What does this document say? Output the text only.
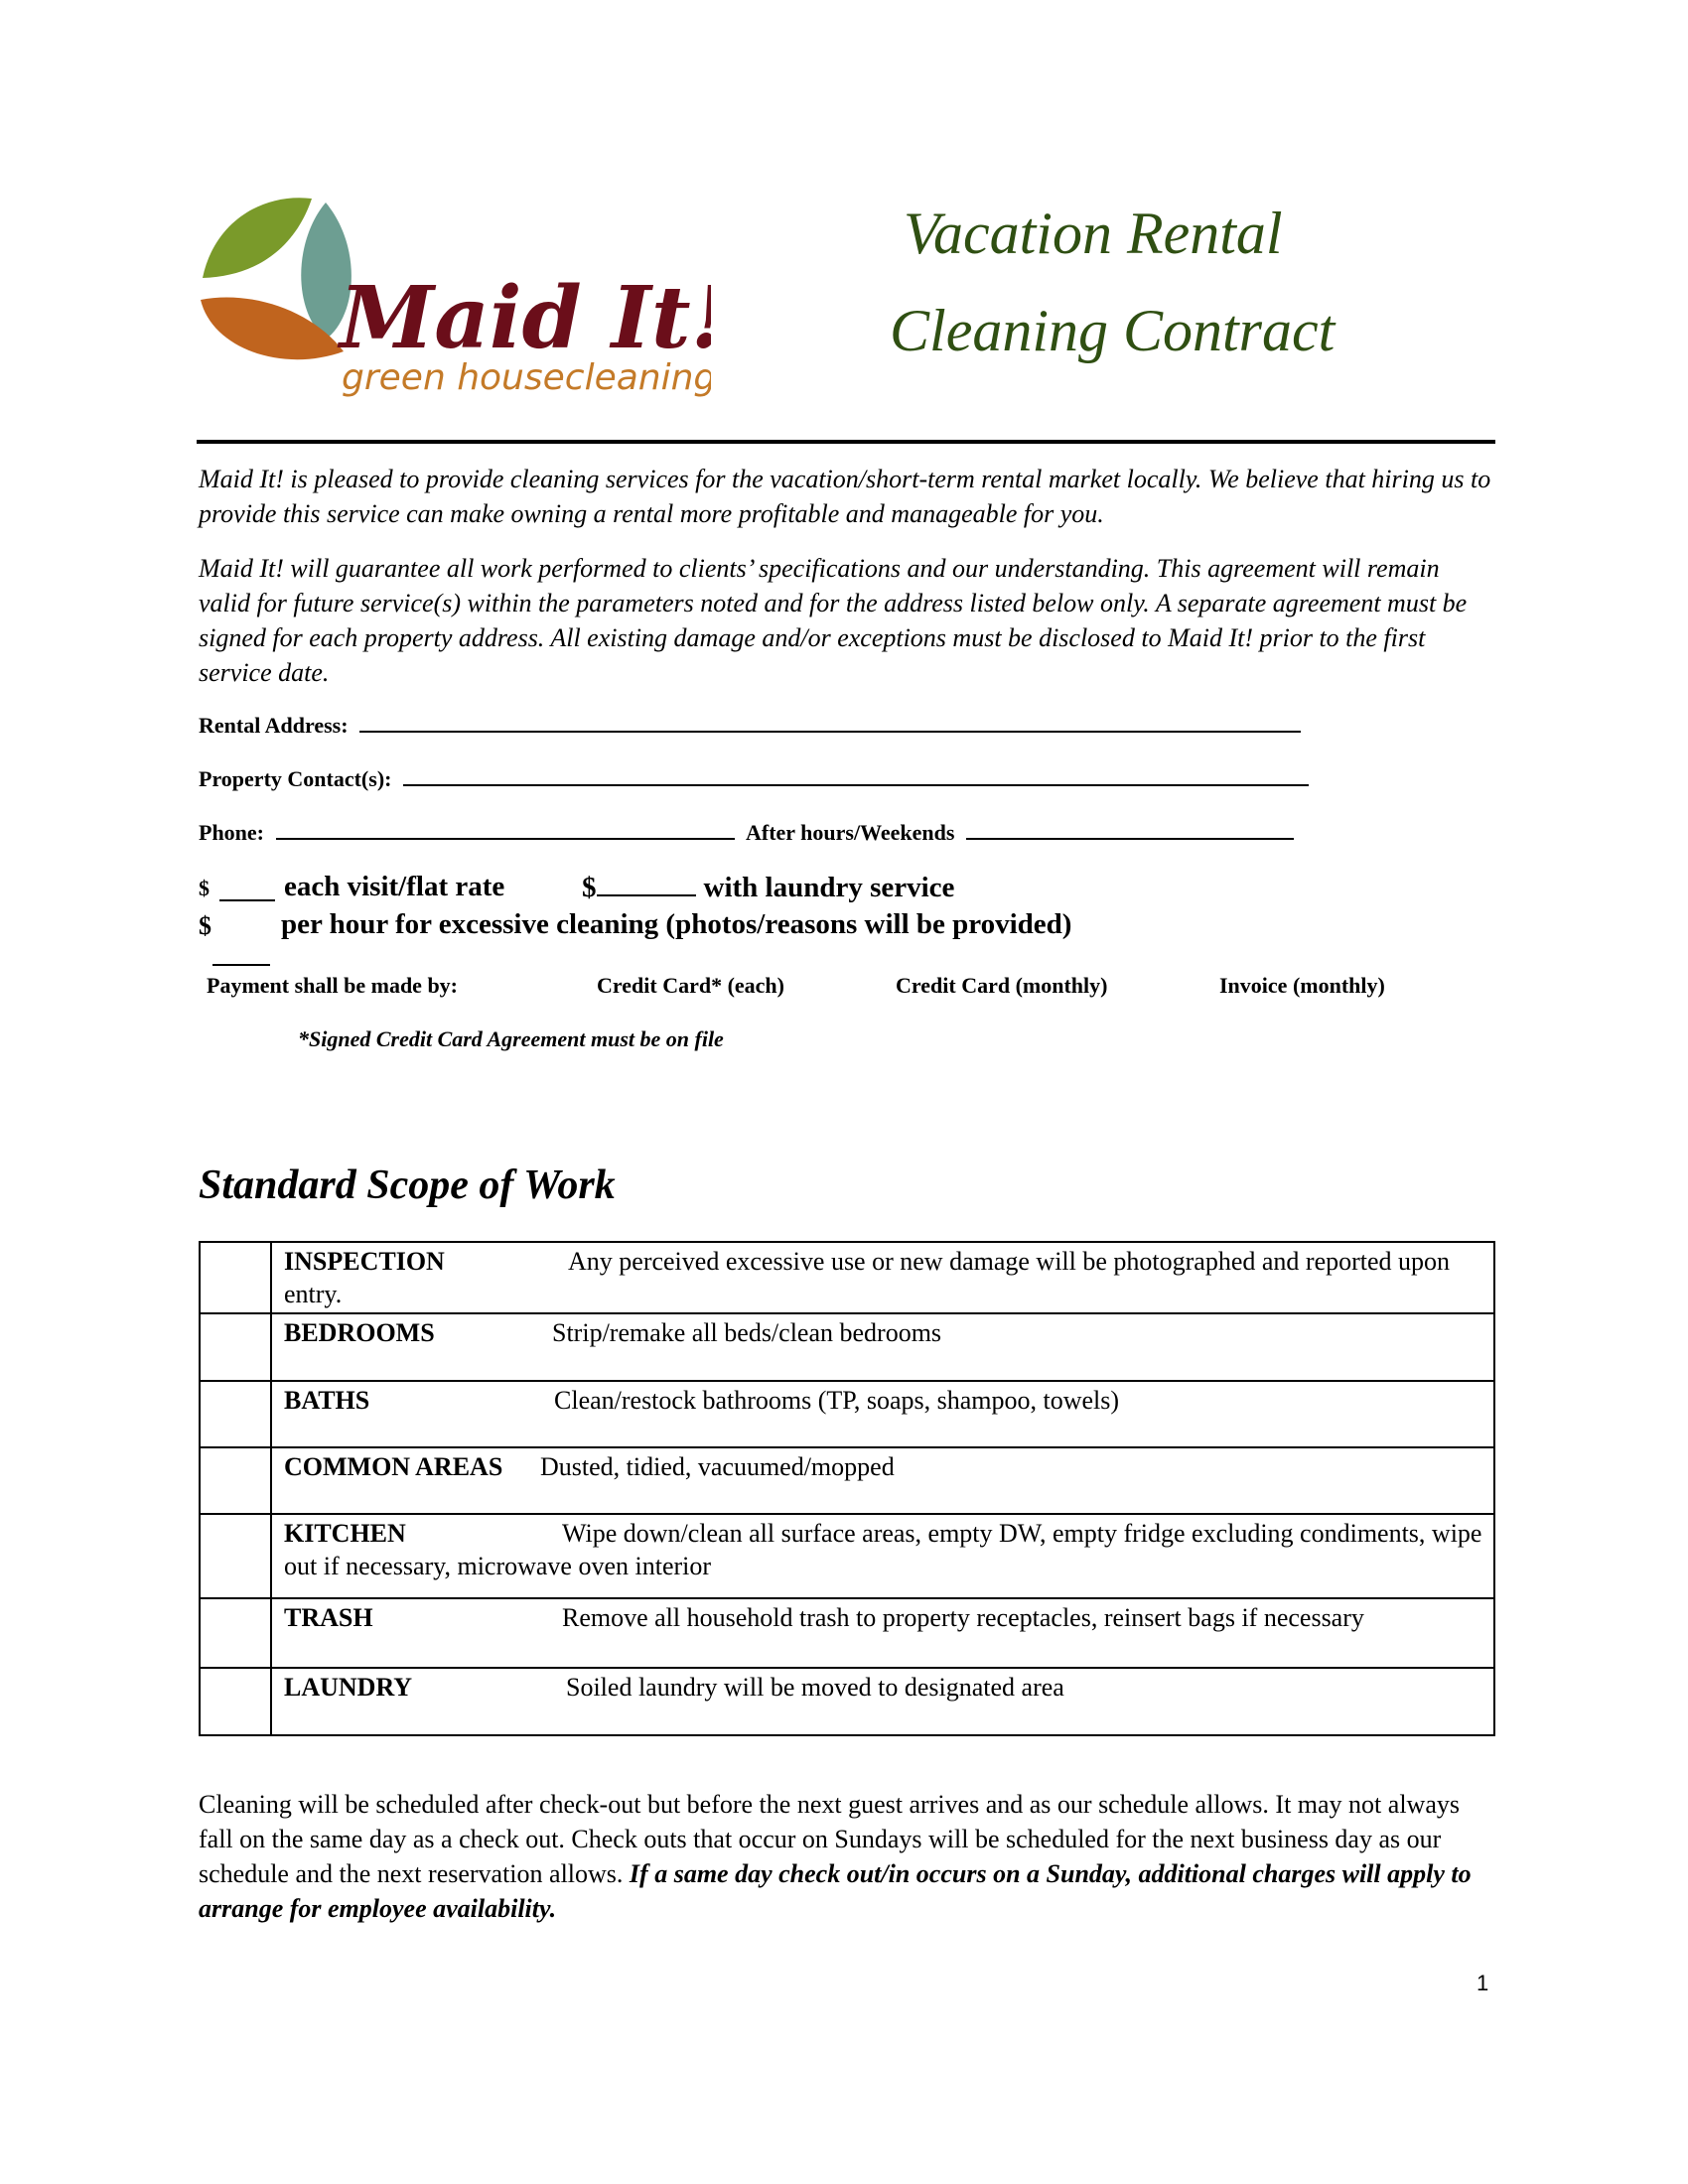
Maid It!
green housecleaning
Vacation Rental
Cleaning Contract

Maid It! is pleased to provide cleaning services for the vacation/short-term rental market locally. We believe that hiring us to provide this service can make owning a rental more profitable and manageable for you.

Maid It! will guarantee all work performed to clients’ specifications and our understanding. This agreement will remain valid for future service(s) within the parameters noted and for the address listed below only. A separate agreement must be signed for each property address. All existing damage and/or exceptions must be disclosed to Maid It! prior to the first service date.

Rental Address:
Property Contact(s):
Phone:	After hours/Weekends
$	each visit/flat rate	$	with laundry service
$ per hour for excessive cleaning (photos/reasons will be provided)
Payment shall be made by:	Credit Card* (each)	Credit Card (monthly)	Invoice (monthly)
*Signed Credit Card Agreement must be on file
Standard Scope of Work
	INSPECTION Any perceived excessive use or new damage will be photographed and reported upon entry.
	BEDROOMS Strip/remake all beds/clean bedrooms
	BATHS Clean/restock bathrooms (TP, soaps, shampoo, towels)
	COMMON AREAS Dusted, tidied, vacuumed/mopped
	KITCHEN Wipe down/clean all surface areas, empty DW, empty fridge excluding condiments, wipe out if necessary, microwave oven interior
	TRASH Remove all household trash to property receptacles, reinsert bags if necessary
	LAUNDRY Soiled laundry will be moved to designated area

Cleaning will be scheduled after check-out but before the next guest arrives and as our schedule allows. It may not always fall on the same day as a check out. Check outs that occur on Sundays will be scheduled for the next business day as our schedule and the next reservation allows. If a same day check out/in occurs on a Sunday, additional charges will apply to arrange for employee availability.

1
